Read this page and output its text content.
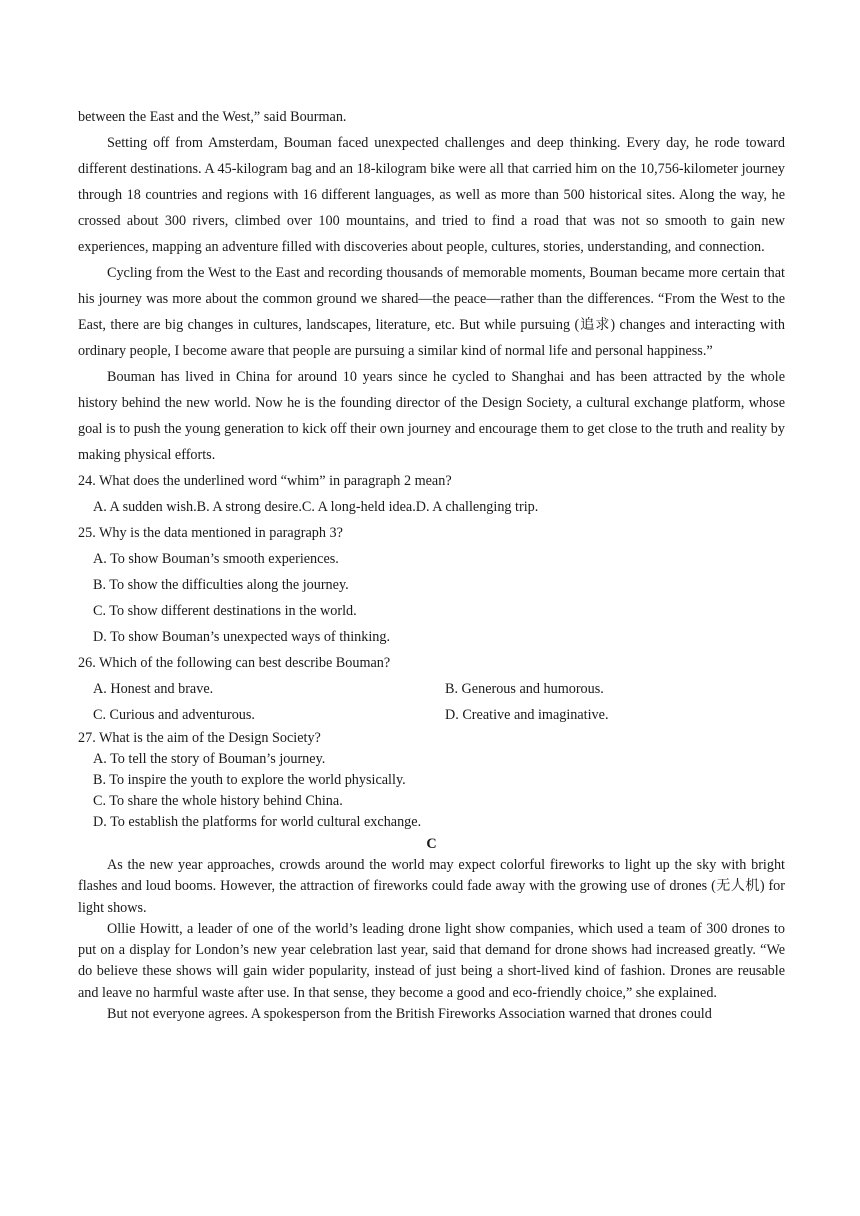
between the East and the West,” said Bourman.

Setting off from Amsterdam, Bouman faced unexpected challenges and deep thinking. Every day, he rode toward different destinations. A 45-kilogram bag and an 18-kilogram bike were all that carried him on the 10,756-kilometer journey through 18 countries and regions with 16 different languages, as well as more than 500 historical sites. Along the way, he crossed about 300 rivers, climbed over 100 mountains, and tried to find a road that was not so smooth to gain new experiences, mapping an adventure filled with discoveries about people, cultures, stories, understanding, and connection.

Cycling from the West to the East and recording thousands of memorable moments, Bouman became more certain that his journey was more about the common ground we shared—the peace—rather than the differences. “From the West to the East, there are big changes in cultures, landscapes, literature, etc. But while pursuing (追求) changes and interacting with ordinary people, I become aware that people are pursuing a similar kind of normal life and personal happiness.”

Bouman has lived in China for around 10 years since he cycled to Shanghai and has been attracted by the whole history behind the new world. Now he is the founding director of the Design Society, a cultural exchange platform, whose goal is to push the young generation to kick off their own journey and encourage them to get close to the truth and reality by making physical efforts.

24. What does the underlined word “whim” in paragraph 2 mean?

A. A sudden wish.B. A strong desire.C. A long-held idea.D. A challenging trip.

25. Why is the data mentioned in paragraph 3?

A. To show Bouman’s smooth experiences.

B. To show the difficulties along the journey.

C. To show different destinations in the world.

D. To show Bouman’s unexpected ways of thinking.

26. Which of the following can best describe Bouman?

A. Honest and brave.	B. Generous and humorous.
C. Curious and adventurous.	D. Creative and imaginative.

27. What is the aim of the Design Society?

A. To tell the story of Bouman’s journey.

B. To inspire the youth to explore the world physically.

C. To share the whole history behind China.

D. To establish the platforms for world cultural exchange.

C

As the new year approaches, crowds around the world may expect colorful fireworks to light up the sky with bright flashes and loud booms. However, the attraction of fireworks could fade away with the growing use of drones (无人机) for light shows.

Ollie Howitt, a leader of one of the world’s leading drone light show companies, which used a team of 300 drones to put on a display for London’s new year celebration last year, said that demand for drone shows had increased greatly. “We do believe these shows will gain wider popularity, instead of just being a short-lived kind of fashion. Drones are reusable and leave no harmful waste after use. In that sense, they become a good and eco-friendly choice,” she explained.

But not everyone agrees. A spokesperson from the British Fireworks Association warned that drones could
